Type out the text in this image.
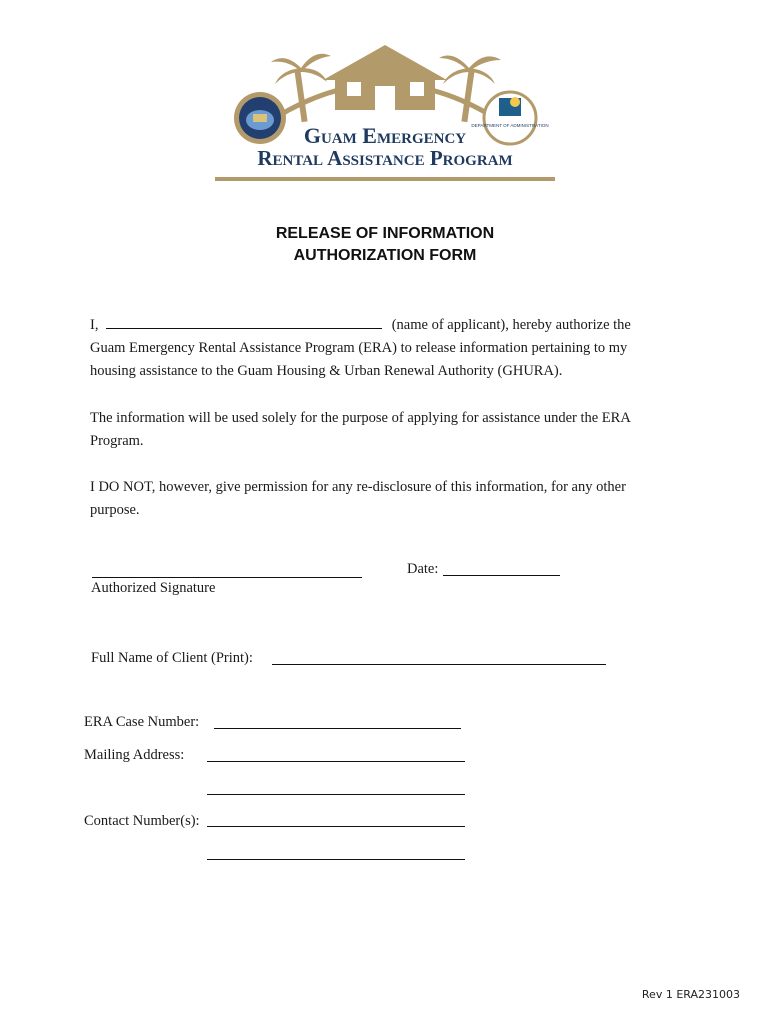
DEPARTMENT OF ADMINISTRATION
Guam Emergency
Rental Assistance Program
RELEASE OF INFORMATION
AUTHORIZATION FORM
I,	(name of applicant), hereby authorize the
Guam Emergency Rental Assistance Program (ERA) to release information pertaining to my
housing assistance to the Guam Housing & Urban Renewal Authority (GHURA).
The information will be used solely for the purpose of applying for assistance under the ERA Program.
I DO NOT, however, give permission for any re-disclosure of this information, for any other purpose.
Authorized Signature
Date:
Full Name of Client (Print):
ERA Case Number:
Mailing Address:
Contact Number(s):
Rev 1 ERA231003
